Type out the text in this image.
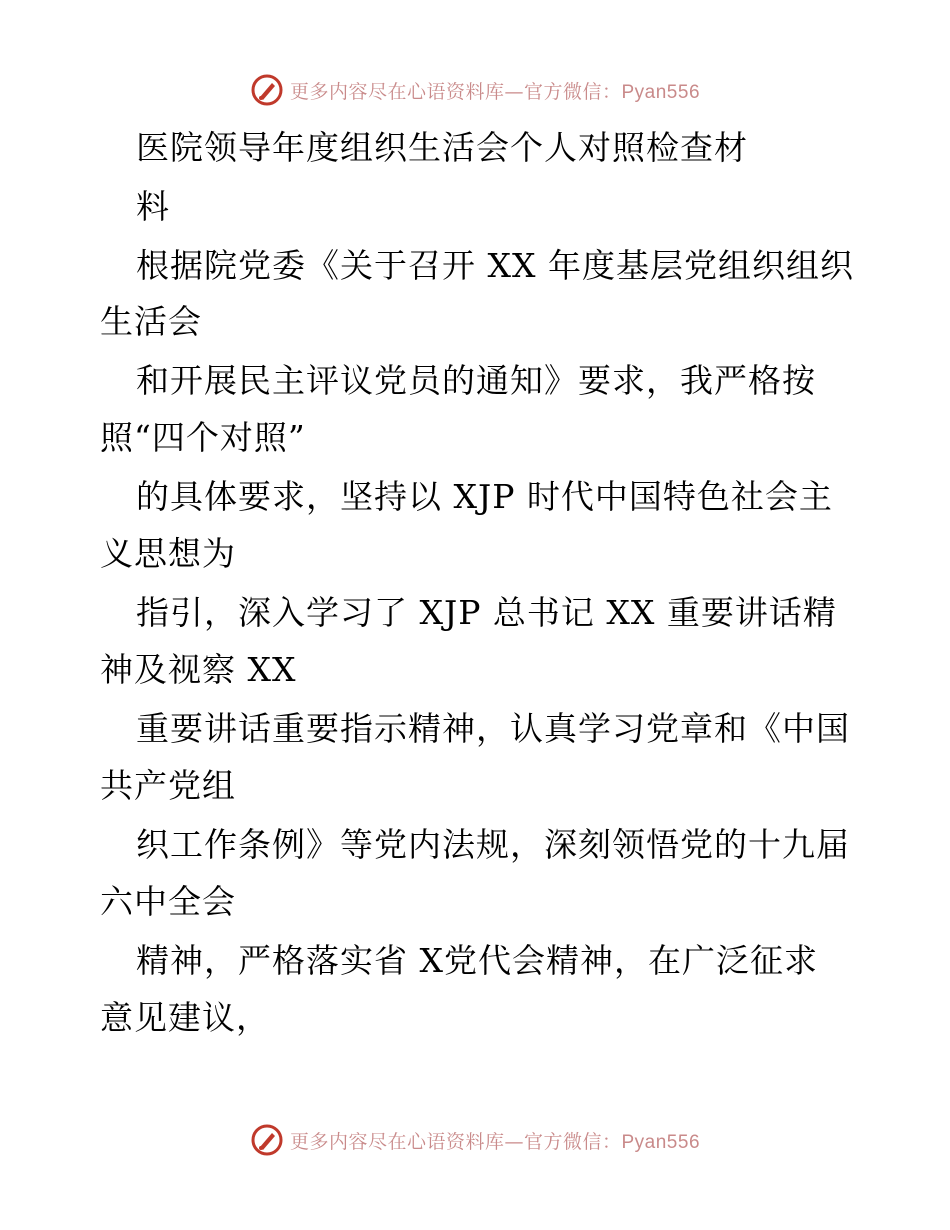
更多内容尽在心语资料库—官方微信：Pyan556
医院领导年度组织生活会个人对照检查材
料
根据院党委《关于召开 XX 年度基层党组织组织
生活会
和开展民主评议党员的通知》要求，我严格按
照“四个对照”
的具体要求，坚持以 XJP 时代中国特色社会主
义思想为
指引，深入学习了 XJP 总书记 XX 重要讲话精
神及视察 XX
重要讲话重要指示精神，认真学习党章和《中国
共产党组
织工作条例》等党内法规，深刻领悟党的十九届
六中全会
精神，严格落实省 X党代会精神，在广泛征求
意见建议，
更多内容尽在心语资料库—官方微信：Pyan556
